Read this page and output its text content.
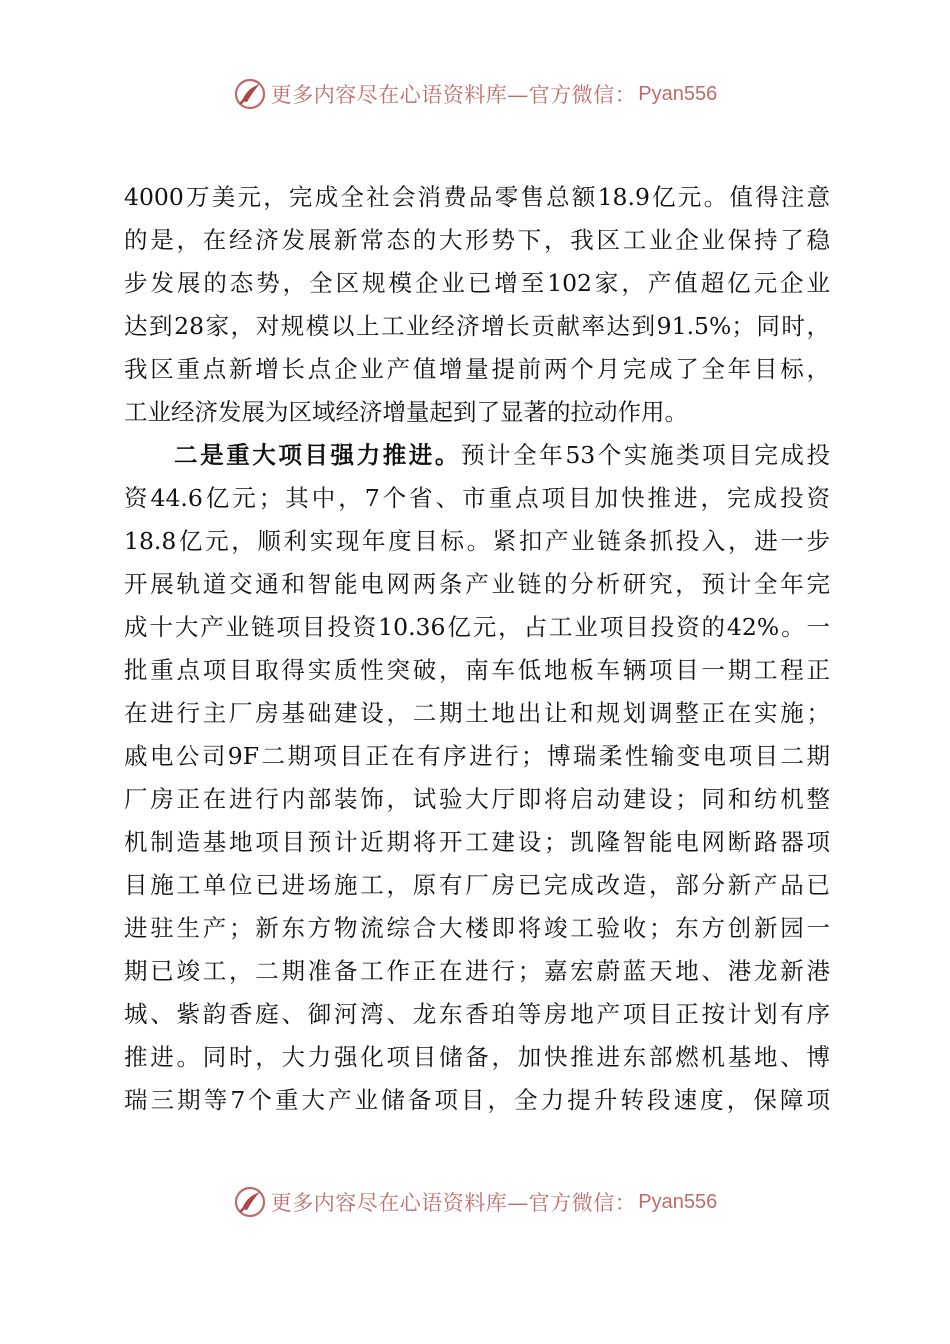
更多内容尽在心语资料库—官方微信： Pyan556
4000万美元，完成全社会消费品零售总额18.9亿元。值得注意
的是，在经济发展新常态的大形势下，我区工业企业保持了稳
步发展的态势，全区规模企业已增至102家，产值超亿元企业
达到28家，对规模以上工业经济增长贡献率达到91.5%；同时，
我区重点新增长点企业产值增量提前两个月完成了全年目标，
工业经济发展为区域经济增量起到了显著的拉动作用。
二是重大项目强力推进。预计全年53个实施类项目完成投
资44.6亿元；其中，7个省、市重点项目加快推进，完成投资
18.8亿元，顺利实现年度目标。紧扣产业链条抓投入，进一步
开展轨道交通和智能电网两条产业链的分析研究，预计全年完
成十大产业链项目投资10.36亿元，占工业项目投资的42%。一
批重点项目取得实质性突破，南车低地板车辆项目一期工程正
在进行主厂房基础建设，二期土地出让和规划调整正在实施；
戚电公司9F二期项目正在有序进行；博瑞柔性输变电项目二期
厂房正在进行内部装饰，试验大厅即将启动建设；同和纺机整
机制造基地项目预计近期将开工建设；凯隆智能电网断路器项
目施工单位已进场施工，原有厂房已完成改造，部分新产品已
进驻生产；新东方物流综合大楼即将竣工验收；东方创新园一
期已竣工，二期准备工作正在进行；嘉宏蔚蓝天地、港龙新港
城、紫韵香庭、御河湾、龙东香珀等房地产项目正按计划有序
推进。同时，大力强化项目储备，加快推进东部燃机基地、博
瑞三期等7个重大产业储备项目，全力提升转段速度，保障项
更多内容尽在心语资料库—官方微信： Pyan556
